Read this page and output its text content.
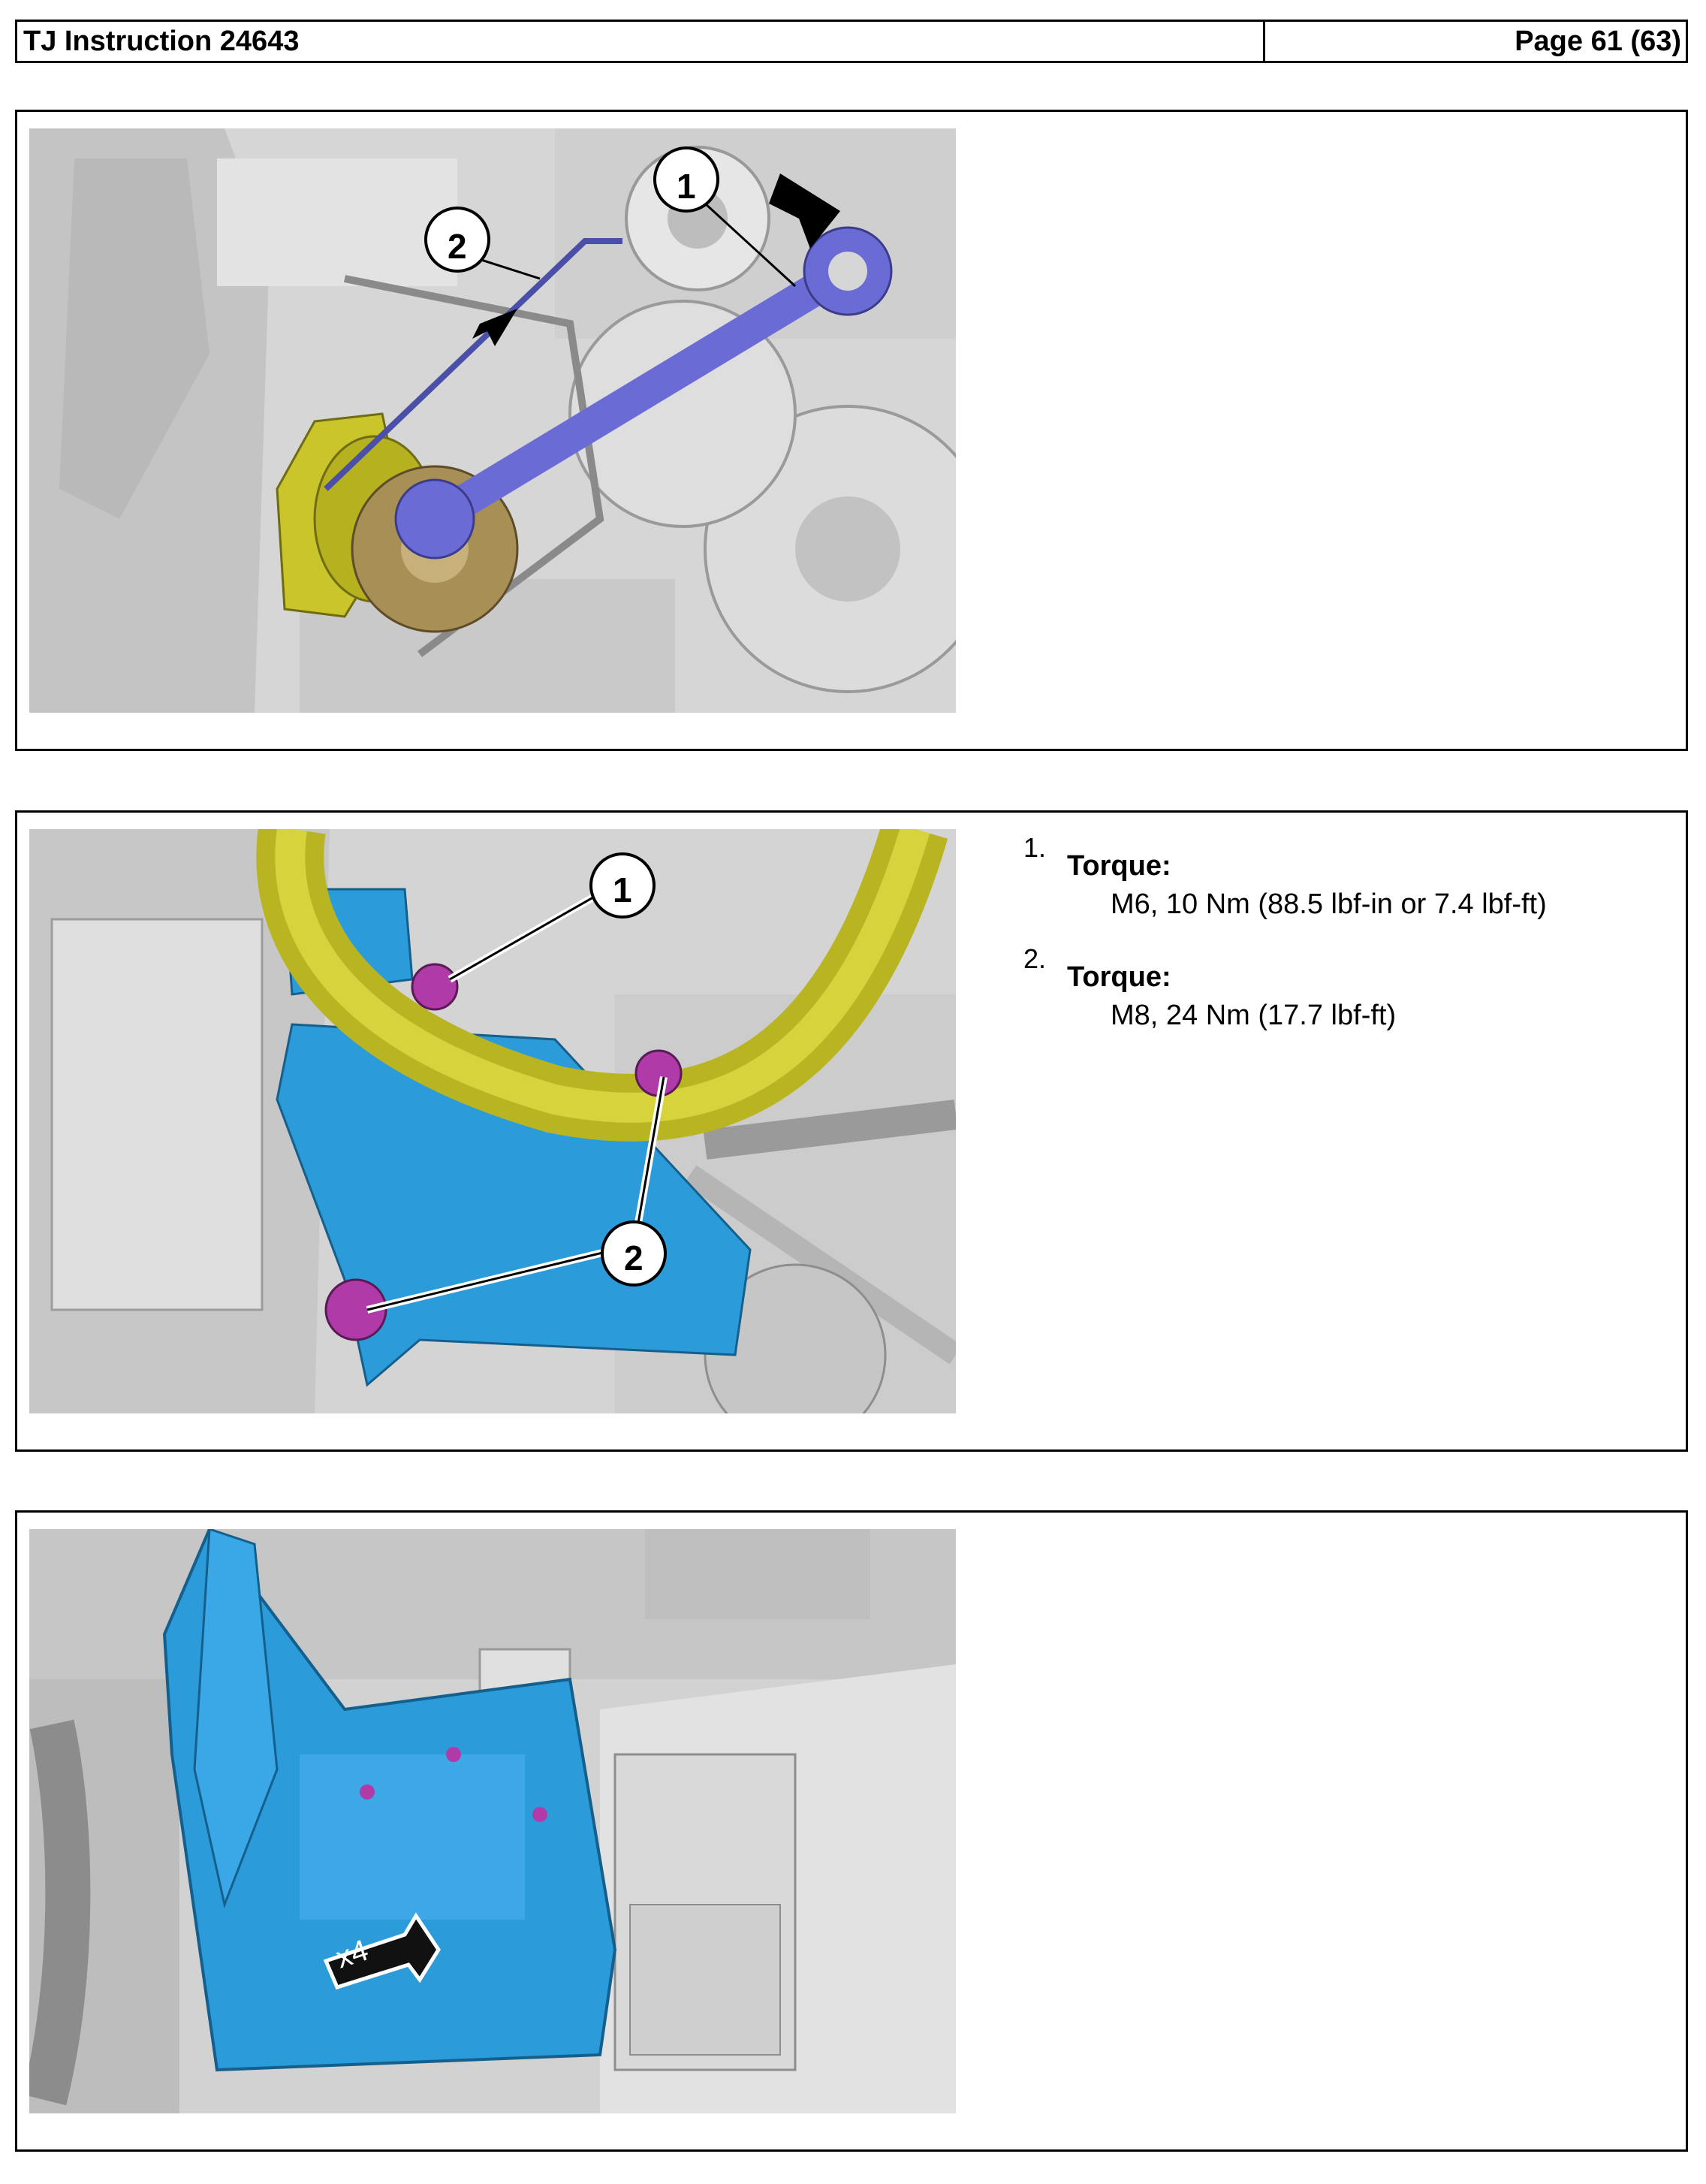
TJ Instruction 24643	Page 61 (63)
1
2
1
2
1.
Torque:
M6, 10 Nm (88.5 lbf-in or 7.4 lbf-ft)
2.
Torque:
M8, 24 Nm (17.7 lbf-ft)
x4
